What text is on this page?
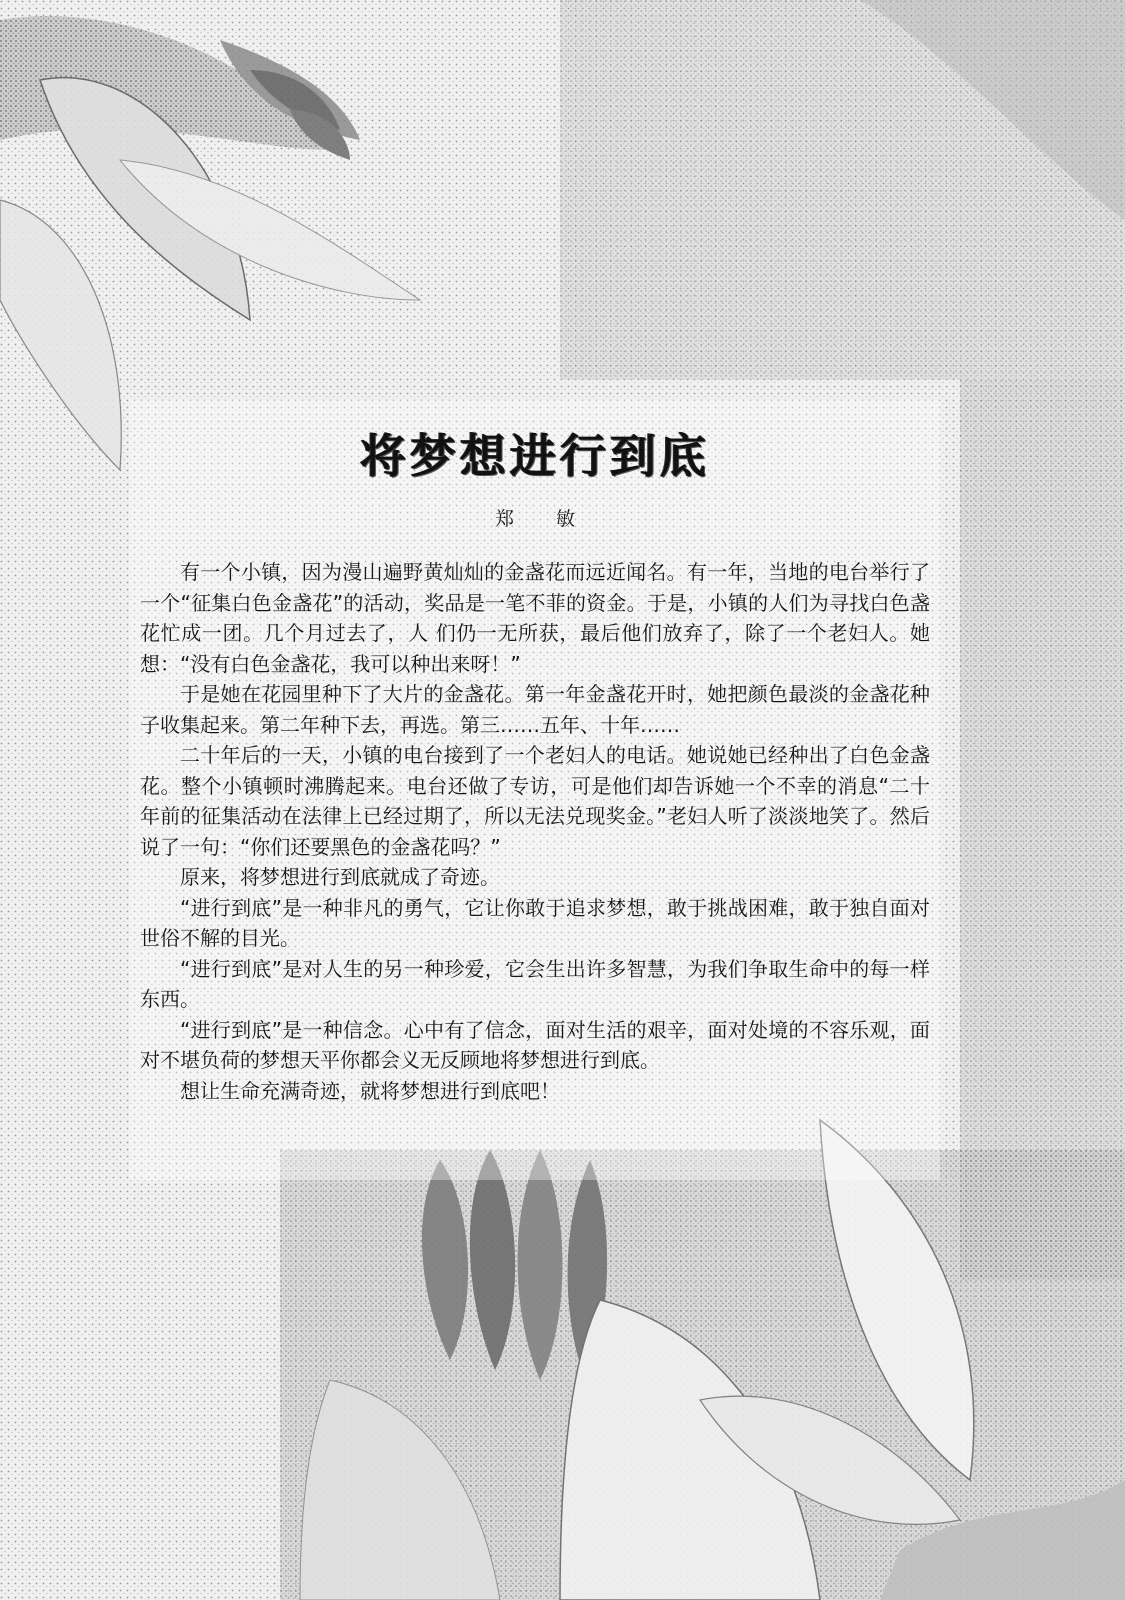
将梦想进行到底
郑 敏

有一个小镇，因为漫山遍野黄灿灿的金盏花而远近闻名。有一年，当地的电台举行了一个“征集白色金盏花”的活动，奖品是一笔不菲的资金。于是，小镇的人们为寻找白色盏花忙成一团。几个月过去了，人 们仍一无所获，最后他们放弃了，除了一个老妇人。她想：“没有白色金盏花，我可以种出来呀！”

于是她在花园里种下了大片的金盏花。第一年金盏花开时，她把颜色最淡的金盏花种子收集起来。第二年种下去，再选。第三……五年、十年……

二十年后的一天，小镇的电台接到了一个老妇人的电话。她说她已经种出了白色金盏花。整个小镇顿时沸腾起来。电台还做了专访，可是他们却告诉她一个不幸的消息“二十年前的征集活动在法律上已经过期了，所以无法兑现奖金。”老妇人听了淡淡地笑了。然后说了一句：“你们还要黑色的金盏花吗？”

原来，将梦想进行到底就成了奇迹。

“进行到底”是一种非凡的勇气，它让你敢于追求梦想，敢于挑战困难，敢于独自面对世俗不解的目光。

“进行到底”是对人生的另一种珍爱，它会生出许多智慧，为我们争取生命中的每一样东西。

“进行到底”是一种信念。心中有了信念，面对生活的艰辛，面对处境的不容乐观，面对不堪负荷的梦想天平你都会义无反顾地将梦想进行到底。

想让生命充满奇迹，就将梦想进行到底吧！
